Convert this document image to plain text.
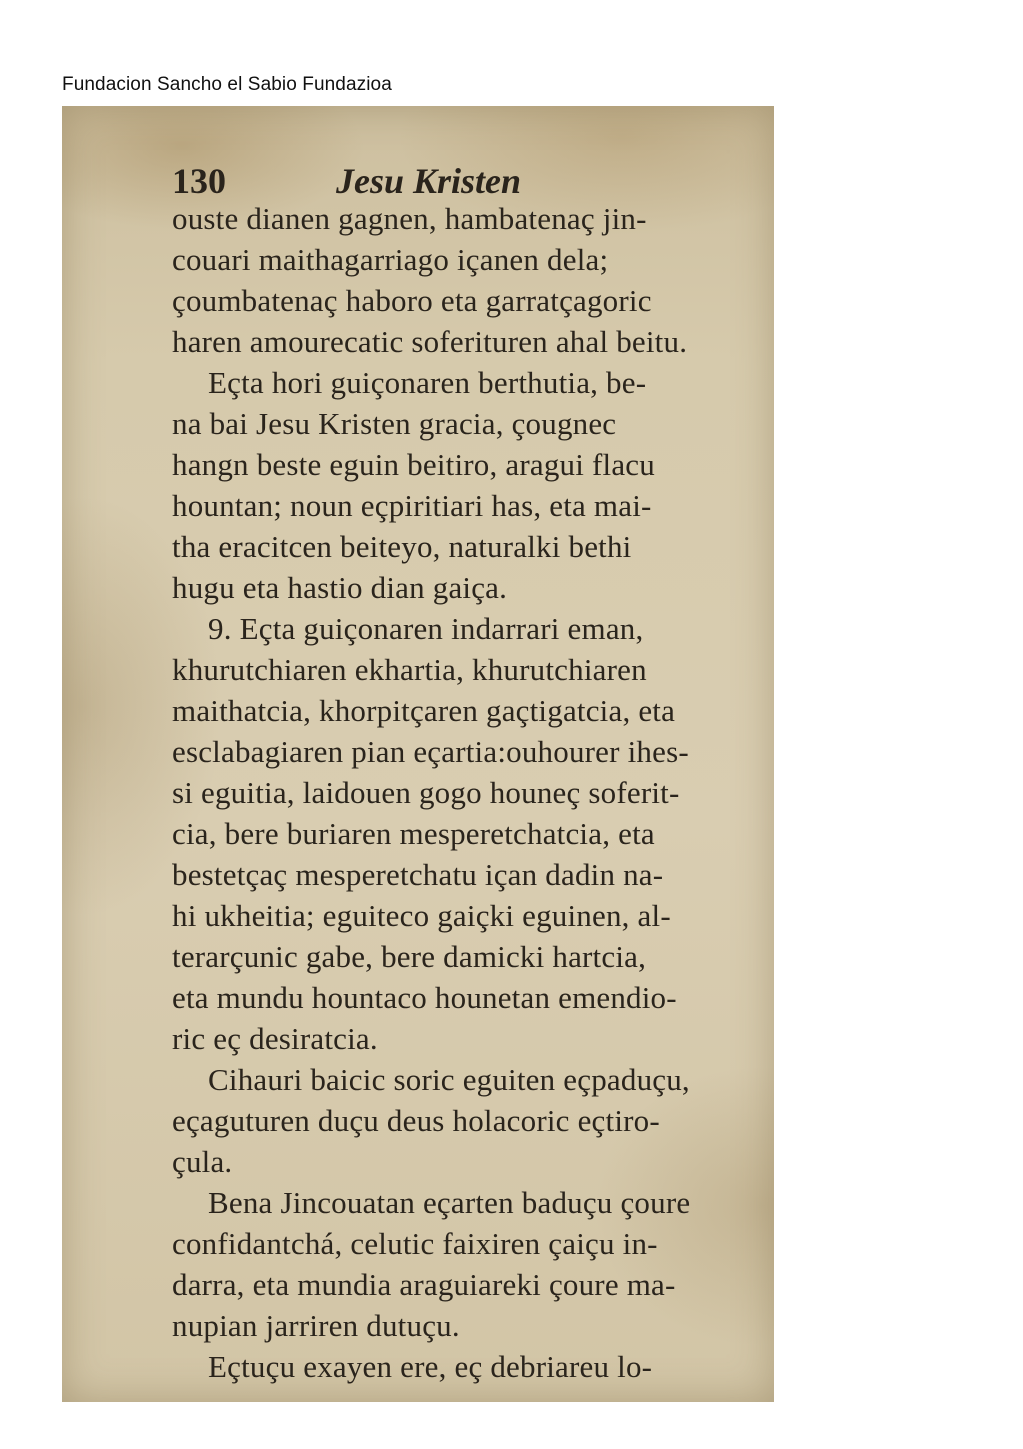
Fundacion Sancho el Sabio Fundazioa
130	Jesu Kristen
ouste dianen gagnen, hambatenaç jin-
couari maithagarriago içanen dela;
çoumbatenaç haboro eta garratçagoric
haren amourecatic soferituren ahal beitu.
Eçta hori guiçonaren berthutia, be-
na bai Jesu Kristen gracia, çougnec
hangn beste eguin beitiro, aragui flacu
hountan; noun eçpiritiari has, eta mai-
tha eracitcen beiteyo, naturalki bethi
hugu eta hastio dian gaiça.
9. Eçta guiçonaren indarrari eman,
khurutchiaren ekhartia, khurutchiaren
maithatcia, khorpitçaren gaçtigatcia, eta
esclabagiaren pian eçartia:ouhourer ihes-
si eguitia, laidouen gogo houneç soferit-
cia, bere buriaren mesperetchatcia, eta
bestetçaç mesperetchatu içan dadin na-
hi ukheitia; eguiteco gaiçki eguinen, al-
terarçunic gabe, bere damicki hartcia,
eta mundu hountaco hounetan emendio-
ric eç desiratcia.
Cihauri baicic soric eguiten eçpaduçu,
eçaguturen duçu deus holacoric eçtiro-
çula.
Bena Jincouatan eçarten baduçu çoure
confidantchá, celutic faixiren çaiçu in-
darra, eta mundia araguiareki çoure ma-
nupian jarriren dutuçu.
Eçtuçu exayen ere, eç debriareu lo-
